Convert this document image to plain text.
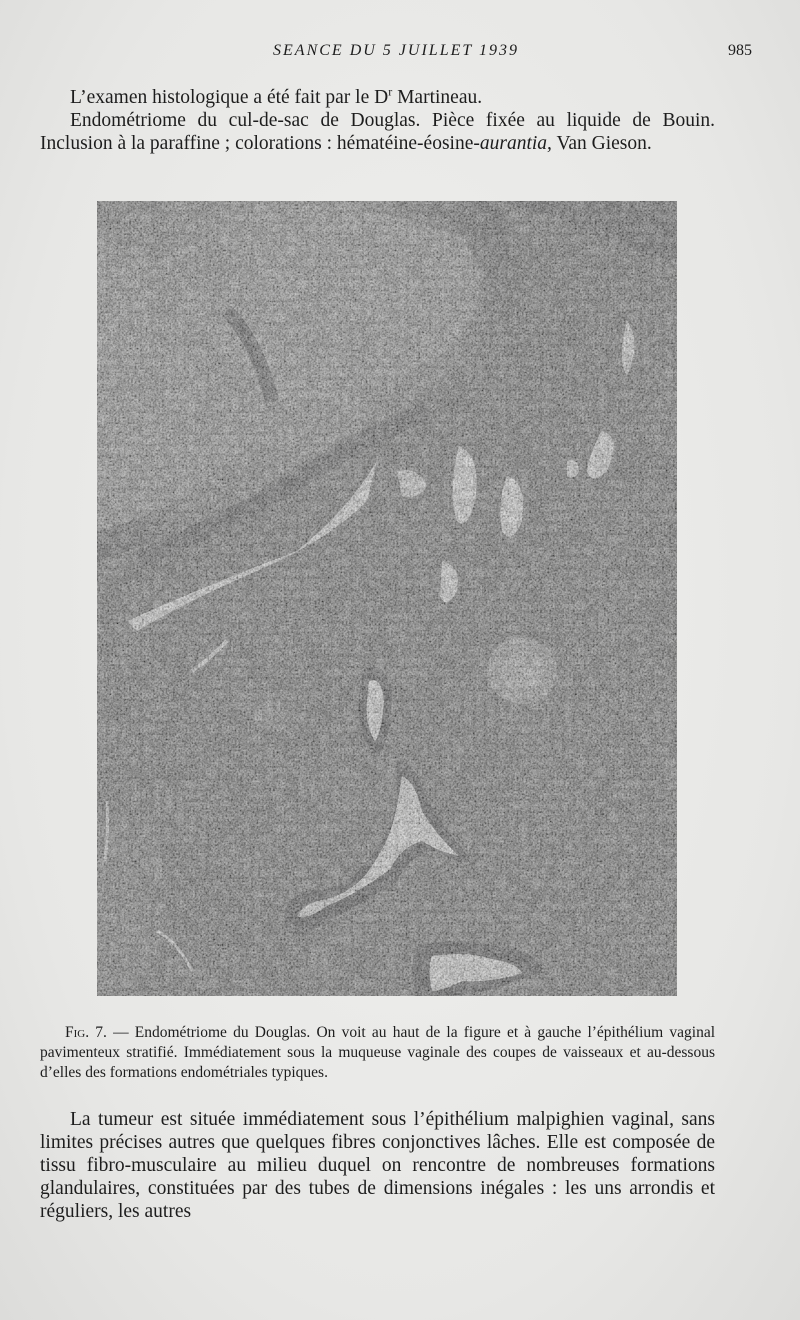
SEANCE DU 5 JUILLET 1939	985

L’examen histologique a été fait par le $D^r$ Martineau.

Endométriome du cul-de-sac de Douglas. Pièce fixée au liquide de Bouin. Inclusion à la paraffine ; colorations : hématéine-éosine-aurantia, Van Gieson.

Fig. 7. — Endométriome du Douglas. On voit au haut de la figure et à gauche l’épithélium vaginal pavimenteux stratifié. Immédiatement sous la muqueuse vaginale des coupes de vaisseaux et au-dessous d’elles des formations endométriales typiques.

La tumeur est située immédiatement sous l’épithélium malpighien vaginal, sans limites précises autres que quelques fibres conjonctives lâches. Elle est composée de tissu fibro-musculaire au milieu duquel on rencontre de nombreuses formations glandulaires, constituées par des tubes de dimensions inégales : les uns arrondis et réguliers, les autres
